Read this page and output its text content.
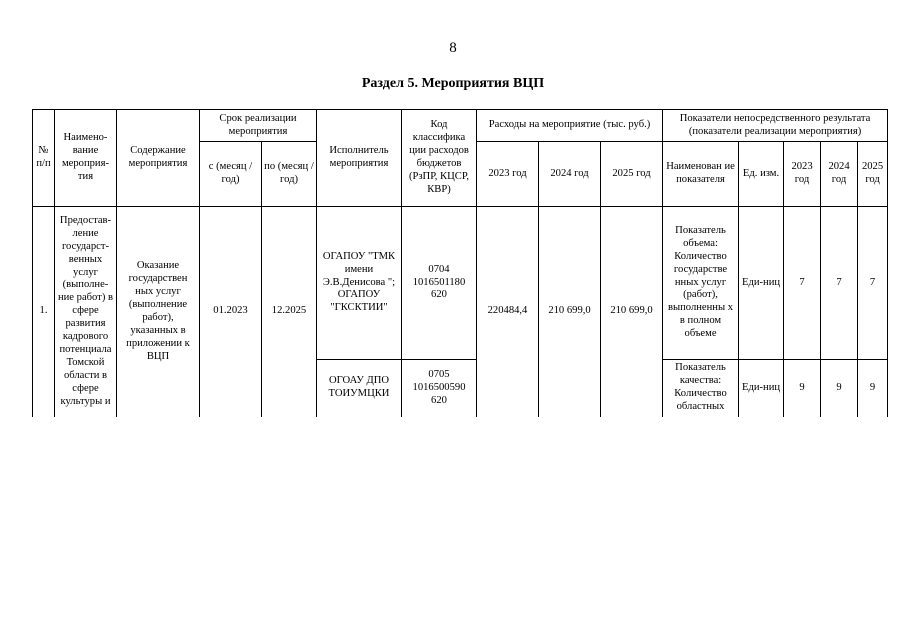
8
Раздел 5. Мероприятия ВЦП
№ п/п	Наимено-вание мероприя-тия	Содержание мероприятия	Срок реализации мероприятия		Исполнитель мероприятия	Код классифика ции расходов бюджетов (РзПР, КЦСР, КВР)	Расходы на мероприятие (тыс. руб.)			Показатели непосредственного результата (показатели реализации мероприятия)				
			с (месяц /год)	по (месяц /год)			2023 год	2024 год	2025 год	Наименован ие показателя	Ед. изм.	2023 год	2024 год	2025 год
1.	Предостав-ление государст-венных услуг (выполне-ние работ) в сфере развития кадрового потенциала Томской области в сфере культуры и	Оказание государствен ных услуг (выполнение работ), указанных в приложении к ВЦП	01.2023	12.2025	ОГАПОУ "ТМК имени Э.В.Денисова "; ОГАПОУ "ГКСКТИИ"	0704 1016501180 620	220484,4	210 699,0	210 699,0	Показатель объема: Количество государстве нных услуг (работ), выполненны х в полном объеме	Еди-ниц	7	7	7
					ОГОАУ ДПО ТОИУМЦКИ	0705 1016500590 620				Показатель качества: Количество областных	Еди-ниц	9	9	9
